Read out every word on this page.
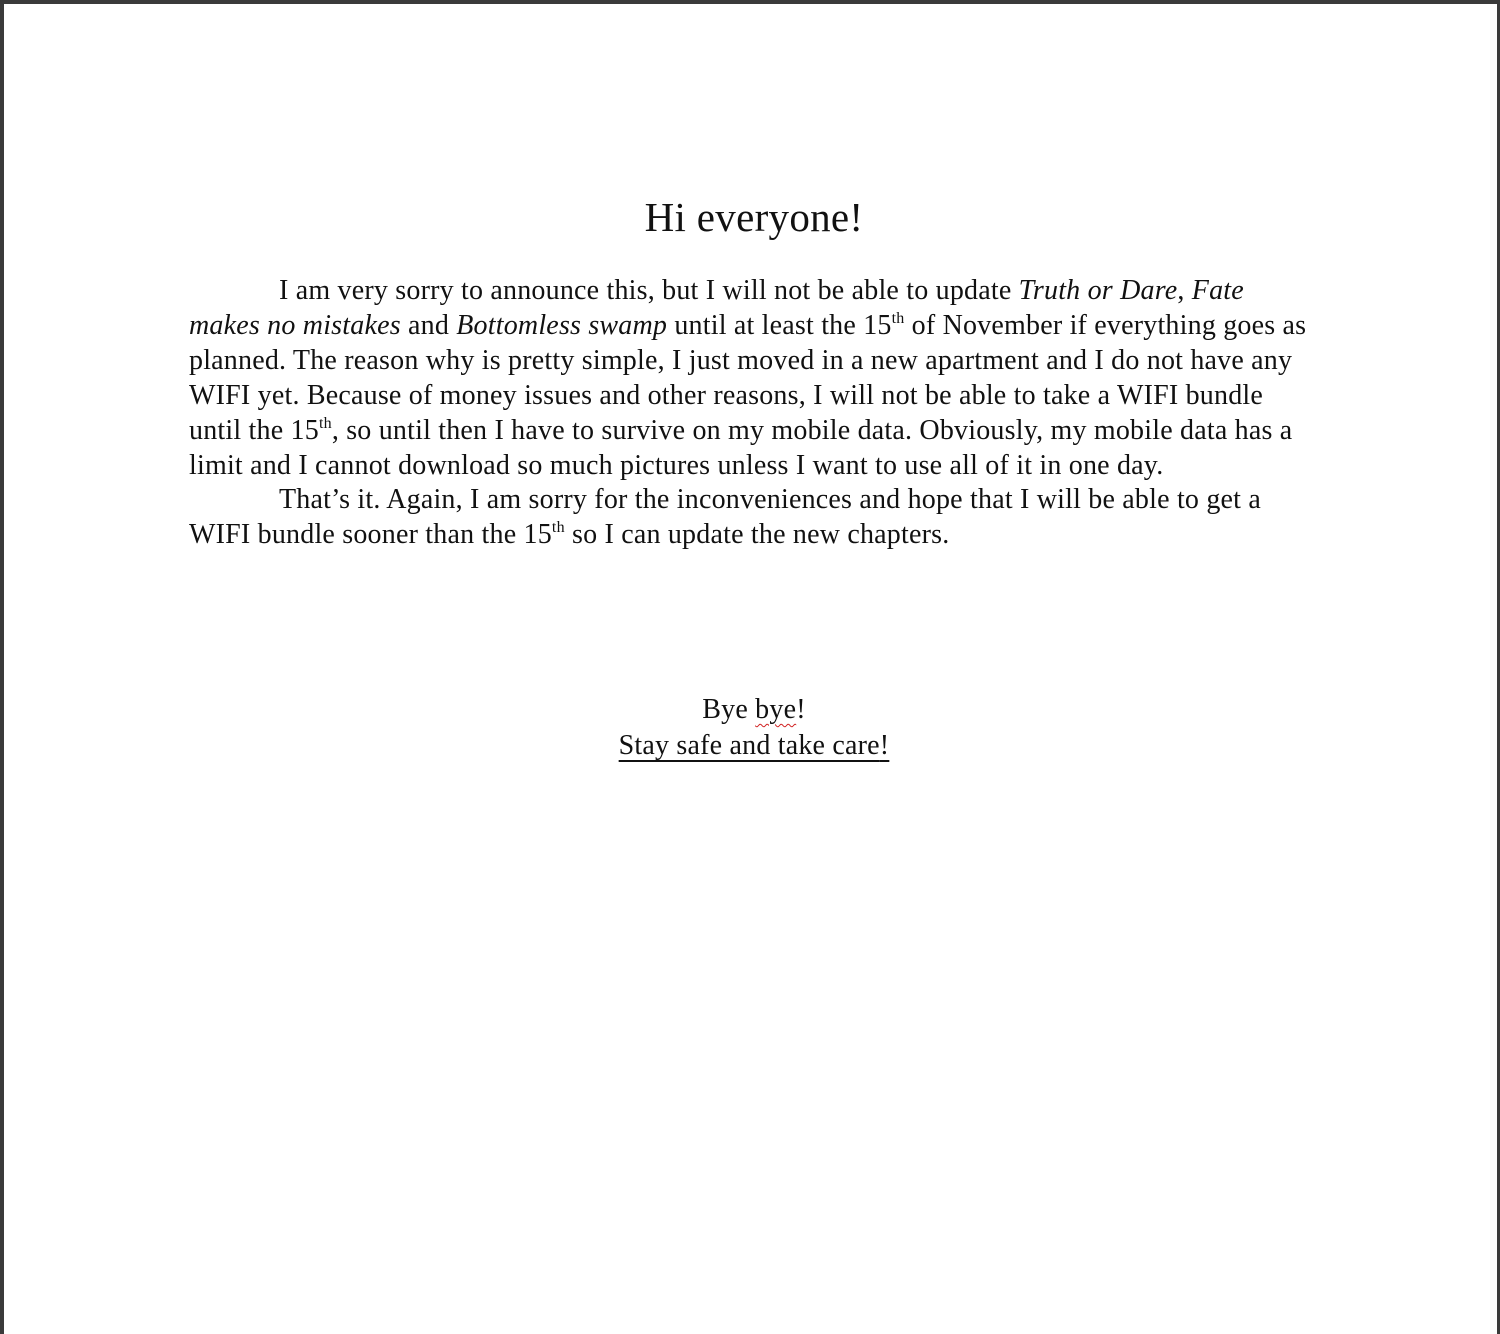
Hi everyone!

I am very sorry to announce this, but I will not be able to update Truth or Dare, Fate makes no mistakes and Bottomless swamp until at least the 15th of November if everything goes as planned. The reason why is pretty simple, I just moved in a new apartment and I do not have any WIFI yet. Because of money issues and other reasons, I will not be able to take a WIFI bundle until the 15th, so until then I have to survive on my mobile data. Obviously, my mobile data has a limit and I cannot download so much pictures unless I want to use all of it in one day.

That’s it. Again, I am sorry for the inconveniences and hope that I will be able to get a WIFI bundle sooner than the 15th so I can update the new chapters.

Bye bye!
Stay safe and take care!
